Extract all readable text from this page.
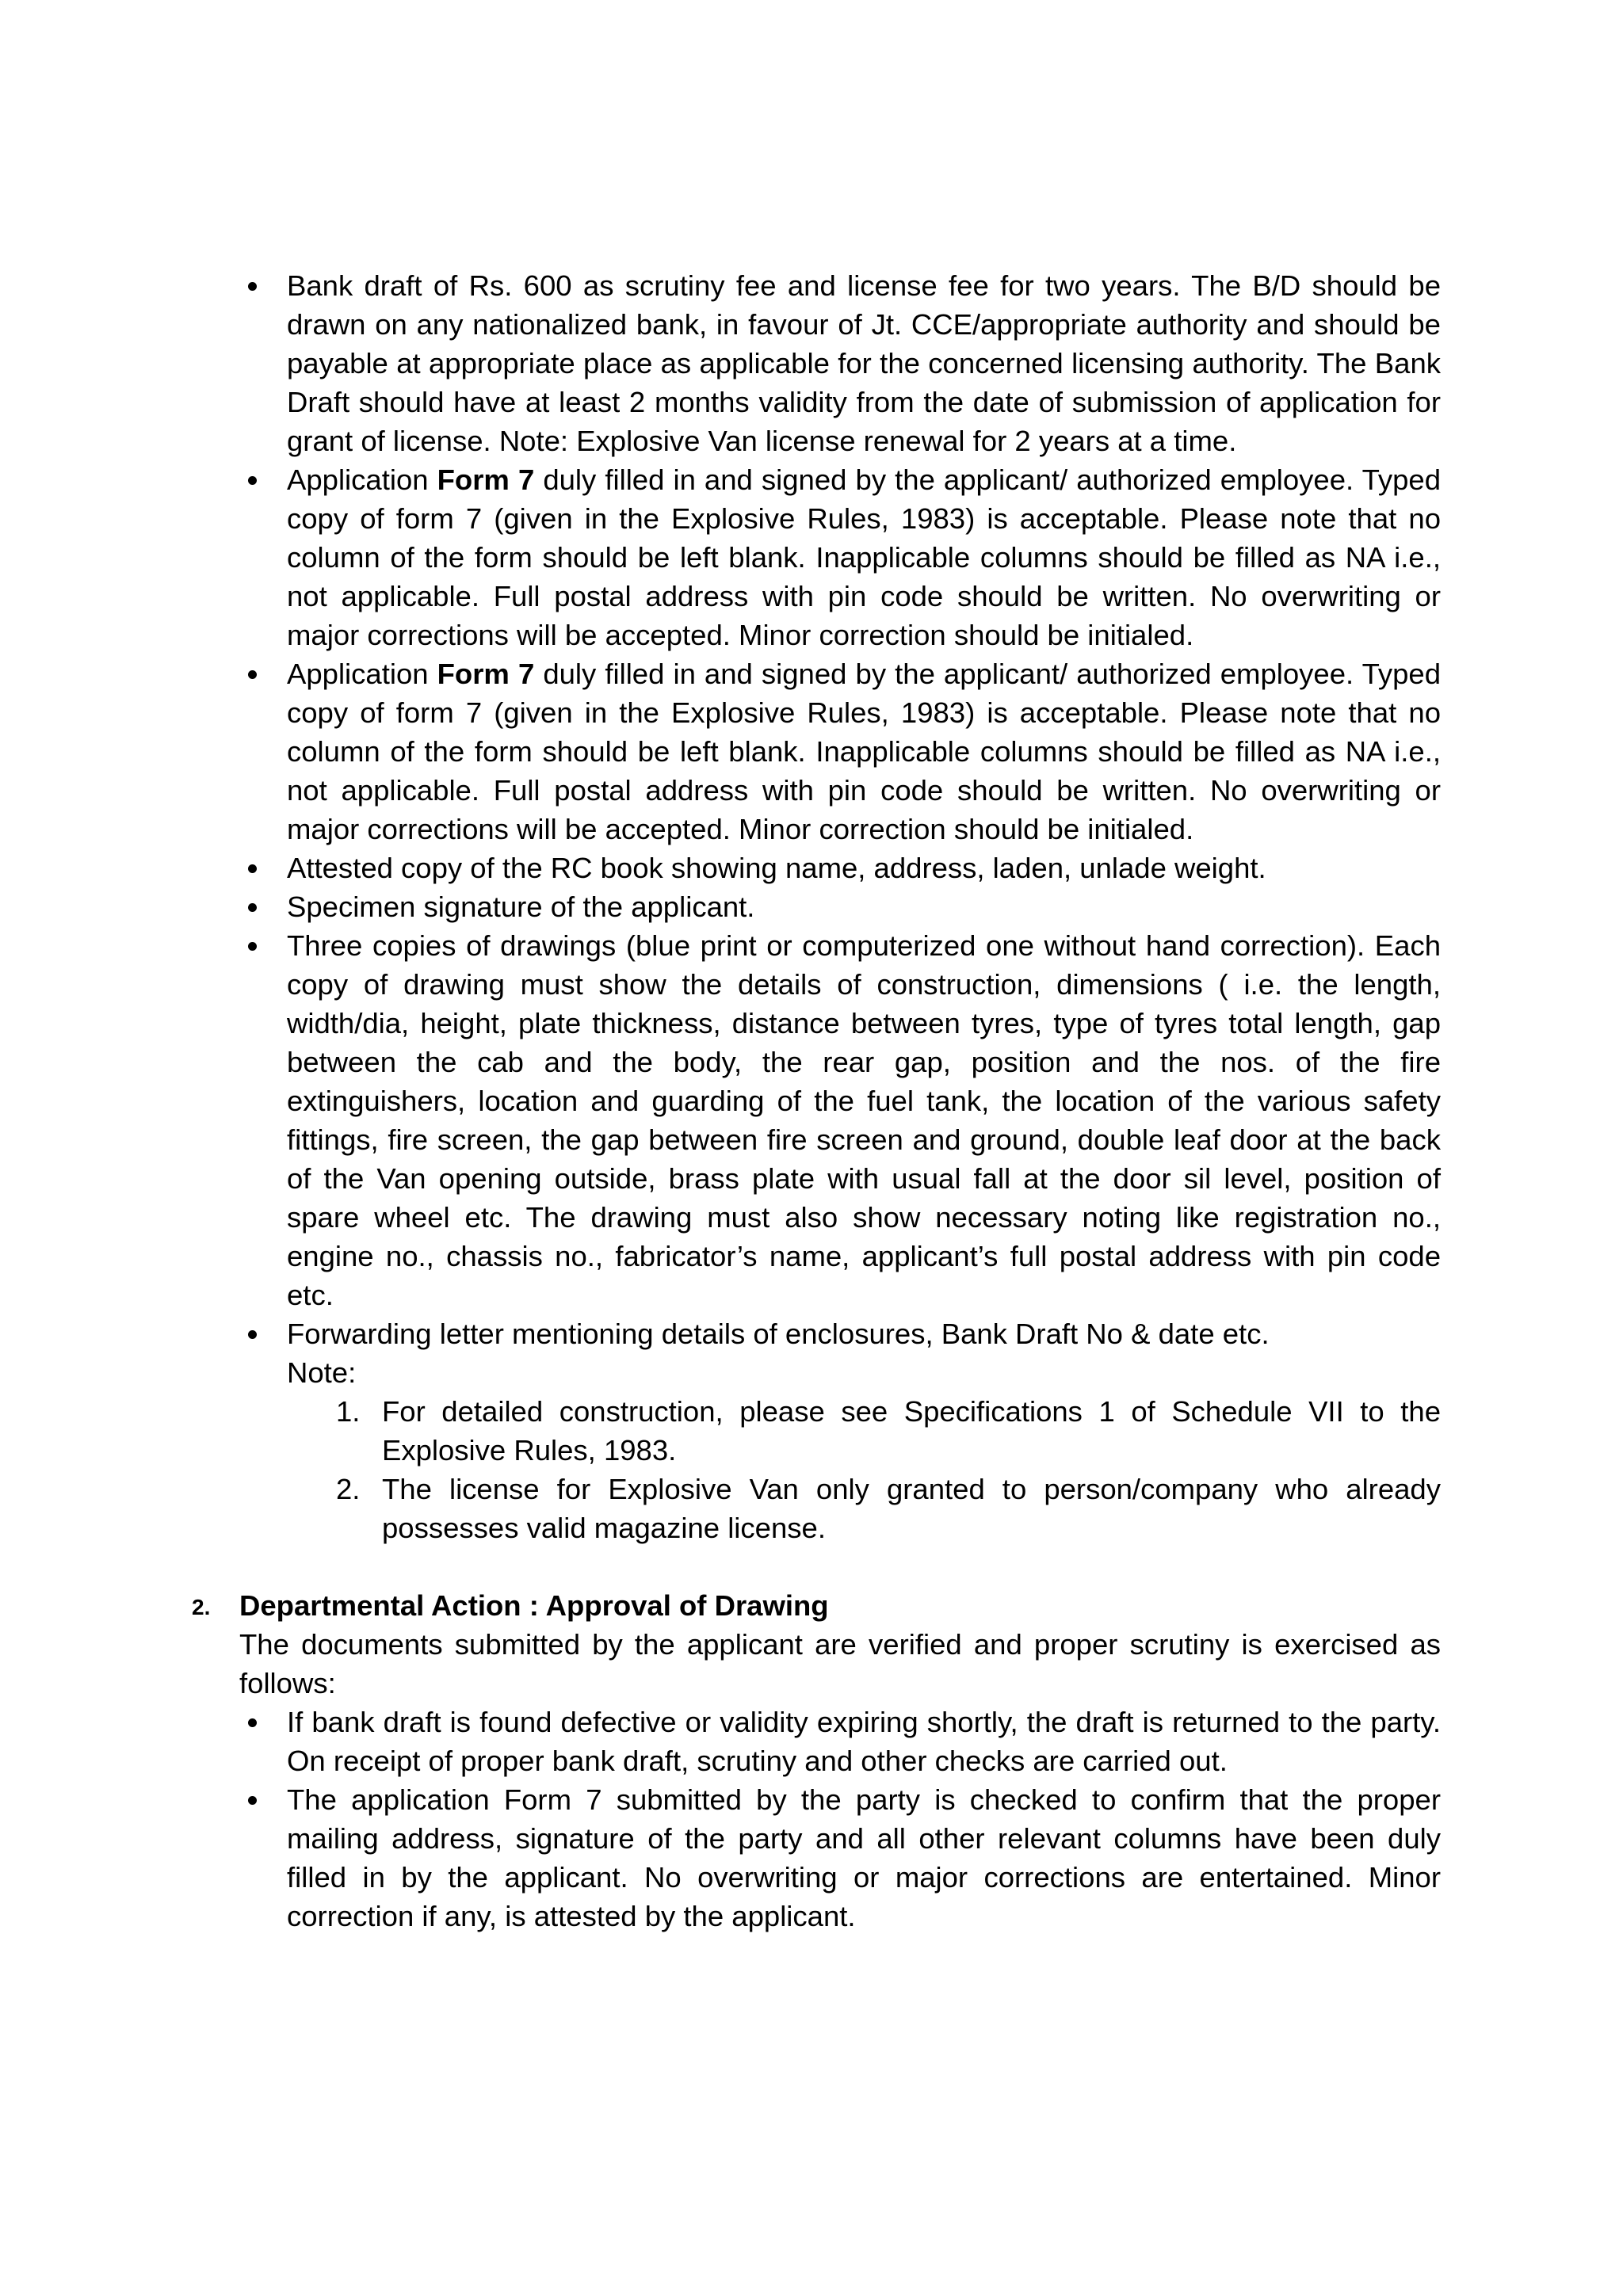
Bank draft of Rs. 600 as scrutiny fee and license fee for two years. The B/D should be drawn on any nationalized bank, in favour of Jt. CCE/appropriate authority and should be payable at appropriate place as applicable for the concerned licensing authority. The Bank Draft should have at least 2 months validity from the date of submission of application for grant of license. Note: Explosive Van license renewal for 2 years at a time.
Application Form 7 duly filled in and signed by the applicant/ authorized employee. Typed copy of form 7 (given in the Explosive Rules, 1983) is acceptable. Please note that no column of the form should be left blank. Inapplicable columns should be filled as NA i.e., not applicable. Full postal address with pin code should be written. No overwriting or major corrections will be accepted. Minor correction should be initialed.
Application Form 7 duly filled in and signed by the applicant/ authorized employee. Typed copy of form 7 (given in the Explosive Rules, 1983) is acceptable. Please note that no column of the form should be left blank. Inapplicable columns should be filled as NA i.e., not applicable. Full postal address with pin code should be written. No overwriting or major corrections will be accepted. Minor correction should be initialed.
Attested copy of the RC book showing name, address, laden, unlade weight.
Specimen signature of the applicant.
Three copies of drawings (blue print or computerized one without hand correction). Each copy of drawing must show the details of construction, dimensions ( i.e. the length, width/dia, height, plate thickness, distance between tyres, type of tyres total length, gap between the cab and the body, the rear gap, position and the nos. of the fire extinguishers, location and guarding of the fuel tank, the location of the various safety fittings, fire screen, the gap between fire screen and ground, double leaf door at the back of the Van opening outside, brass plate with usual fall at the door sil level, position of spare wheel etc. The drawing must also show necessary noting like registration no., engine no., chassis no., fabricator’s name, applicant’s full postal address with pin code etc.
Forwarding letter mentioning details of enclosures, Bank Draft No & date etc.
Note:
1. For detailed construction, please see Specifications 1 of Schedule VII to the Explosive Rules, 1983.
2. The license for Explosive Van only granted to person/company who already possesses valid magazine license.
2. Departmental Action : Approval of Drawing
The documents submitted by the applicant are verified and proper scrutiny is exercised as follows:
If bank draft is found defective or validity expiring shortly, the draft is returned to the party. On receipt of proper bank draft, scrutiny and other checks are carried out.
The application Form 7 submitted by the party is checked to confirm that the proper mailing address, signature of the party and all other relevant columns have been duly filled in by the applicant. No overwriting or major corrections are entertained. Minor correction if any, is attested by the applicant.
